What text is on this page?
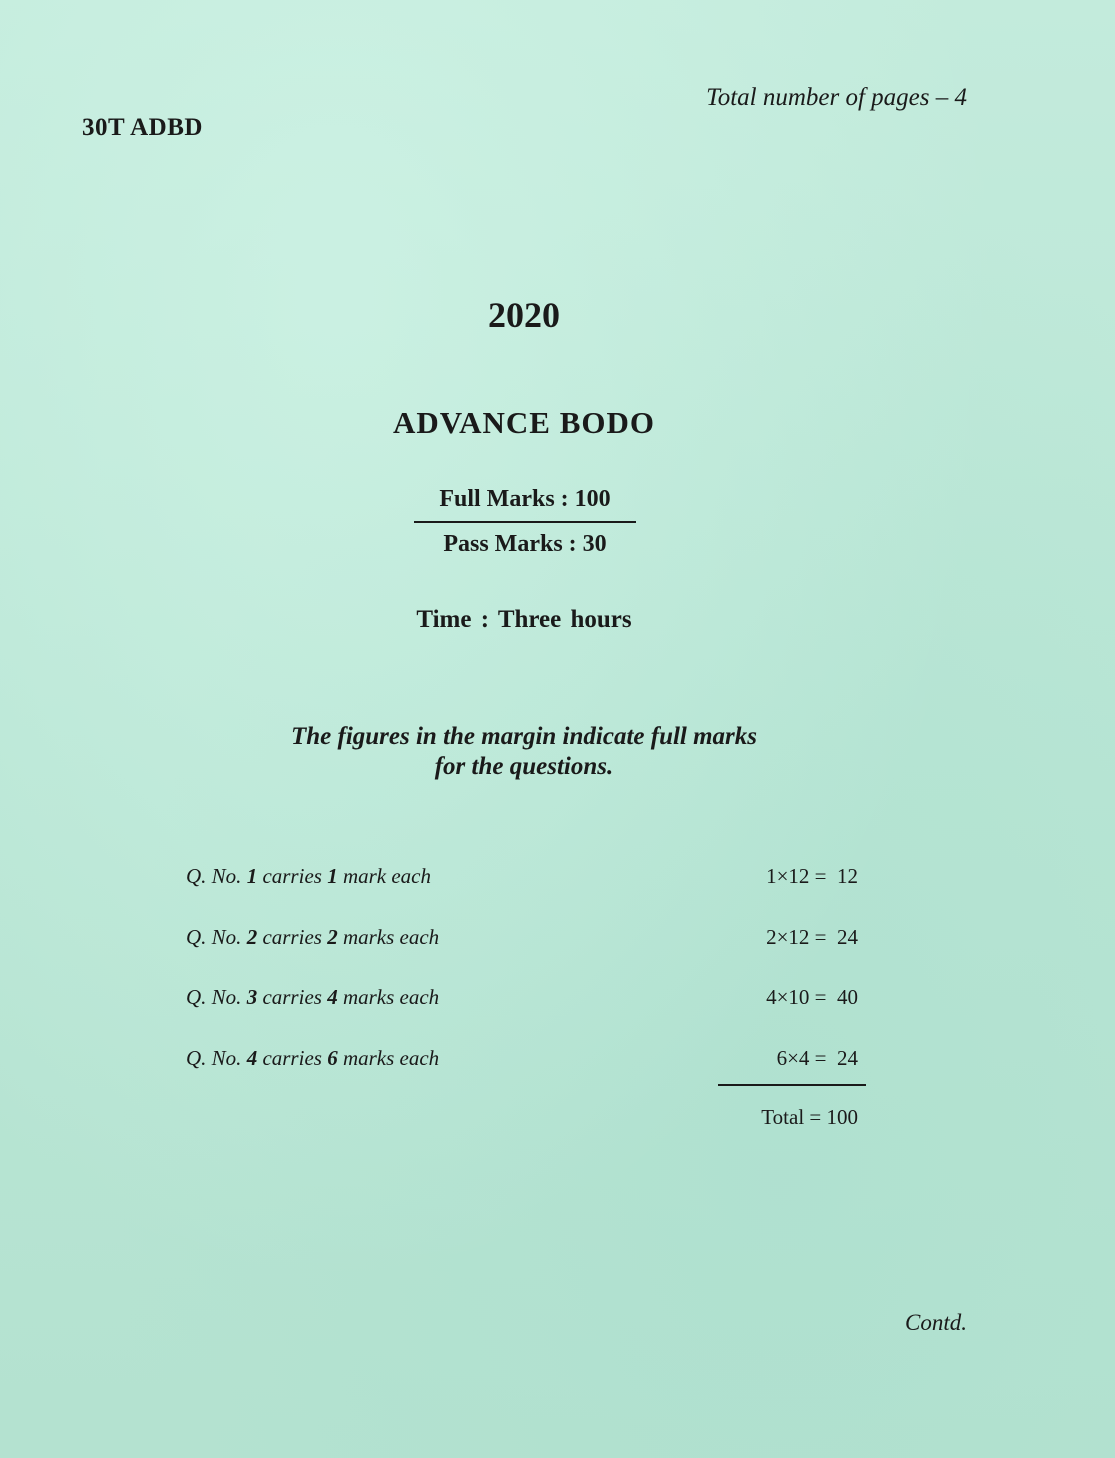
30T ADBD
Total number of pages – 4
2020
ADVANCE BODO
Full Marks : 100
Pass Marks : 30
Time : Three hours
The figures in the margin indicate full marks
for the questions.
Q. No. 1 carries 1 mark each	1×12 =  12
Q. No. 2 carries 2 marks each	2×12 =  24
Q. No. 3 carries 4 marks each	4×10 =  40
Q. No. 4 carries 6 marks each	6×4 =  24
Total = 100
Contd.
